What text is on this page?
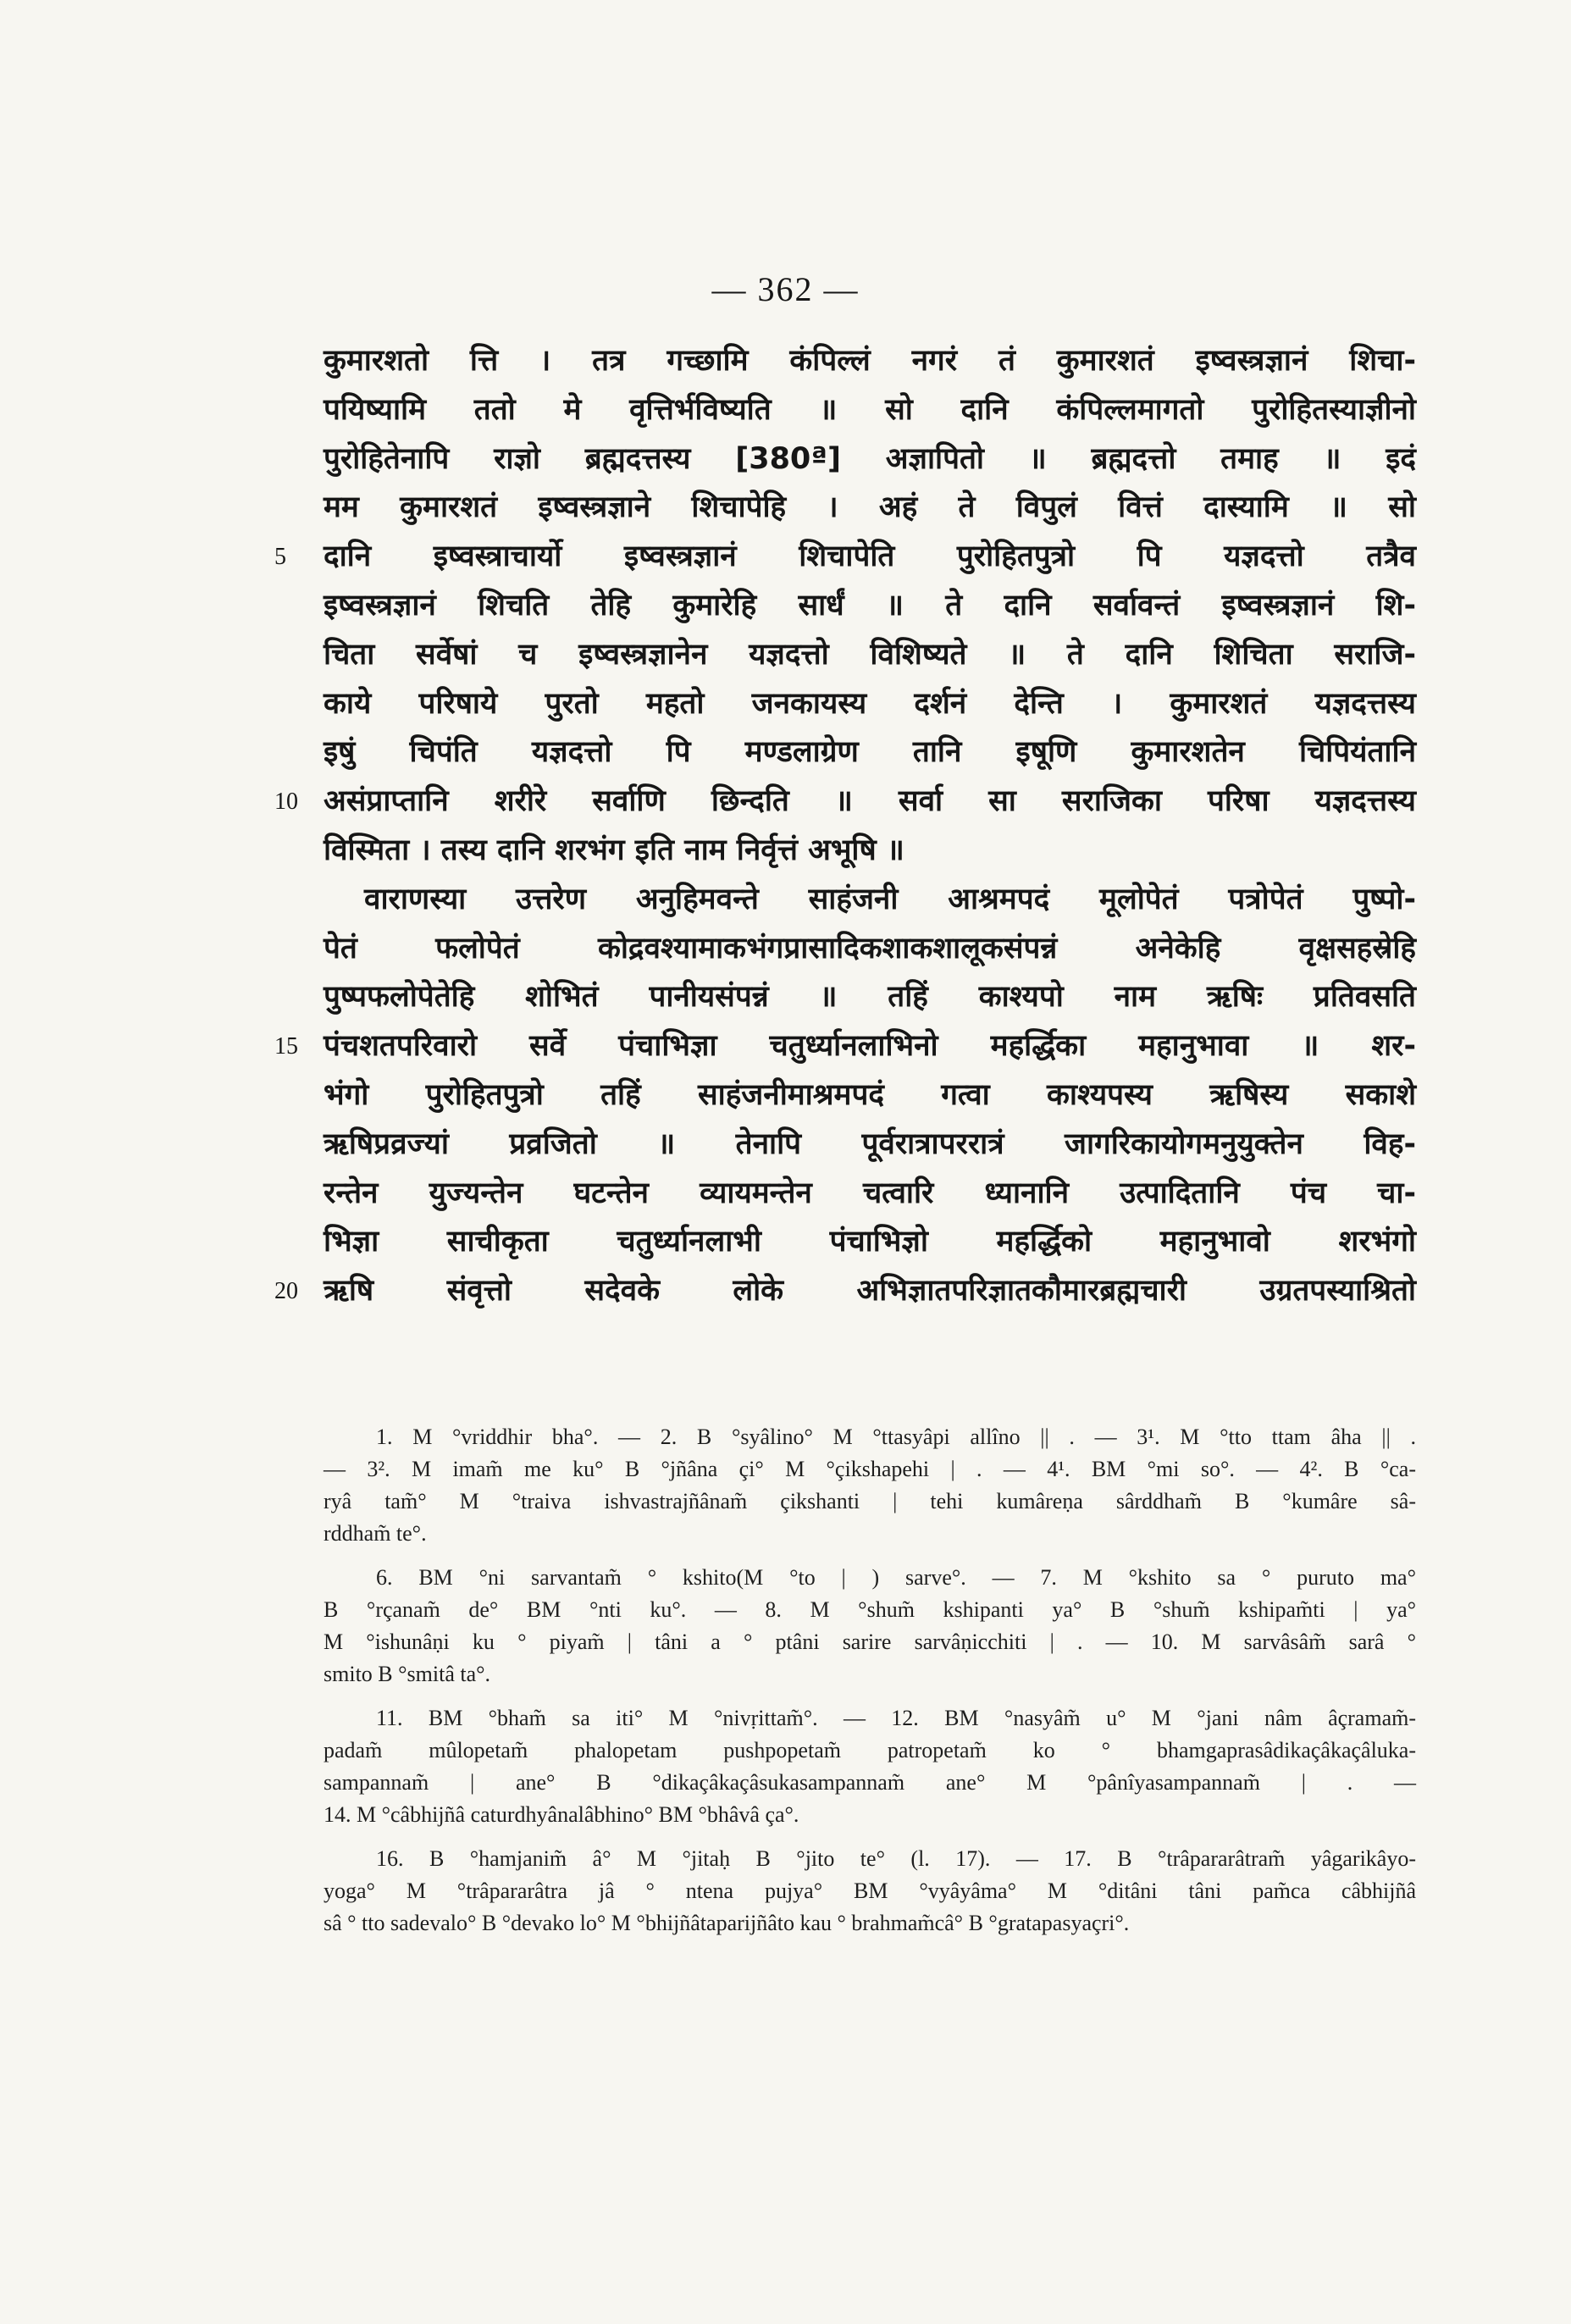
— 362 —
कुमारशतो त्ति । तत्र गच्छामि कंपिल्लं नगरं तं कुमारशतं इष्वस्त्रज्ञानं शिचा-
पयिष्यामि ततो मे वृत्तिर्भविष्यति ॥ सो दानि कंपिल्लमागतो पुरोहितस्याज्ञीनो
पुरोहितेनापि राज्ञो ब्रह्मदत्तस्य [380ª] अज्ञापितो ॥ ब्रह्मदत्तो तमाह ॥ इदं
मम कुमारशतं इष्वस्त्रज्ञाने शिचापेहि । अहं ते विपुलं वित्तं दास्यामि ॥ सो
5 दानि इष्वस्त्राचार्यो इष्वस्त्रज्ञानं शिचापेति पुरोहितपुत्रो पि यज्ञदत्तो तत्रैव
इष्वस्त्रज्ञानं शिचति तेहि कुमारेहि सार्धं ॥ ते दानि सर्वावन्तं इष्वस्त्रज्ञानं शि-
चिता सर्वेषां च इष्वस्त्रज्ञानेन यज्ञदत्तो विशिष्यते ॥ ते दानि शिचिता सराजि-
काये परिषाये पुरतो महतो जनकायस्य दर्शनं देन्ति । कुमारशतं यज्ञदत्तस्य
इषुं चिपंति यज्ञदत्तो पि मण्डलाग्रेण तानि इषूणि कुमारशतेन चिपियंतानि
10 असंप्राप्तानि शरीरे सर्वाणि छिन्दति ॥ सर्वा सा सराजिका परिषा यज्ञदत्तस्य
विस्मिता । तस्य दानि शरभंग इति नाम निर्वृत्तं अभूषि ॥
वाराणस्या उत्तरेण अनुहिमवन्ते साहंजनी आश्रमपदं मूलोपेतं पत्रोपेतं पुष्पो-
पेतं फलोपेतं कोद्रवश्यामाकभंगप्रासादिकशाकशालूकसंपन्नं अनेकेहि वृक्षसहस्रेहि
पुष्पफलोपेतेहि शोभितं पानीयसंपन्नं ॥ तहिं काश्यपो नाम ऋषिः प्रतिवसति
15 पंचशतपरिवारो सर्वे पंचाभिज्ञा चतुर्ध्यानलाभिनो महर्द्धिका महानुभावा ॥ शर-
भंगो पुरोहितपुत्रो तहिं साहंजनीमाश्रमपदं गत्वा काश्यपस्य ऋषिस्य सकाशे
ऋषिप्रव्रज्यां प्रव्रजितो ॥ तेनापि पूर्वरात्रापररात्रं जागरिकायोगमनुयुक्तेन विह-
रन्तेन युज्यन्तेन घटन्तेन व्यायमन्तेन चत्वारि ध्यानानि उत्पादितानि पंच चा-
भिज्ञा साचीकृता चतुर्ध्यानलाभी पंचाभिज्ञो महर्द्धिको महानुभावो शरभंगो
20 ऋषि संवृत्तो सदेवके लोके अभिज्ञातपरिज्ञातकौमारब्रह्मचारी उग्रतपस्याश्रितो
1. M °vriddhir bha°. — 2. B °syâlino° M °ttasyâpi allîno || . — 3¹. M °tto ttam âha || .
— 3². M imam̃ me ku° B °jñâna çi° M °çikshapehi | . — 4¹. BM °mi so°. — 4². B °ca-
ryâ tam̃° M °traiva ishvastrajñânam̃ çikshanti | tehi kumâreṇa sârddham̃ B °kumâre sâ-
rddham̃ te°.
6. BM °ni sarvantam̃ ° kshito(M °to | ) sarve°. — 7. M °kshito sa ° puruto ma°
B °rçanam̃ de° BM °nti ku°. — 8. M °shum̃ kshipanti ya° B °shum̃ kshipam̃ti | ya°
M °ishunâṇi ku ° piyam̃ | tâni a ° ptâni sarire sarvâṇicchiti | . — 10. M sarvâsâm̃ sarâ °
smito B °smitâ ta°.
11. BM °bham̃ sa iti° M °nivṛittam̃°. — 12. BM °nasyâm̃ u° M °jani nâm âçramam̃-
padam̃ mûlopetam̃ phalopetam pushpopetam̃ patropetam̃ ko ° bhamgaprasâdikaçâkaçâluka-
sampannam̃ | ane° B °dikaçâkaçâsukasampannam̃ ane° M °pânîyasampannam̃ | . —
14. M °câbhijñâ caturdhyânalâbhino° BM °bhâvâ ça°.
16. B °hamjanim̃ â° M °jitaḥ B °jito te° (l. 17). — 17. B °trâpararâtram̃ yâgarikâyo-
yoga° M °trâpararâtra jâ ° ntena pujya° BM °vyâyâma° M °ditâni tâni pam̃ca câbhijñâ
sâ ° tto sadevalo° B °devako lo° M °bhijñâtaparijñâto kau ° brahmam̃câ° B °gratapasyaçri°.
